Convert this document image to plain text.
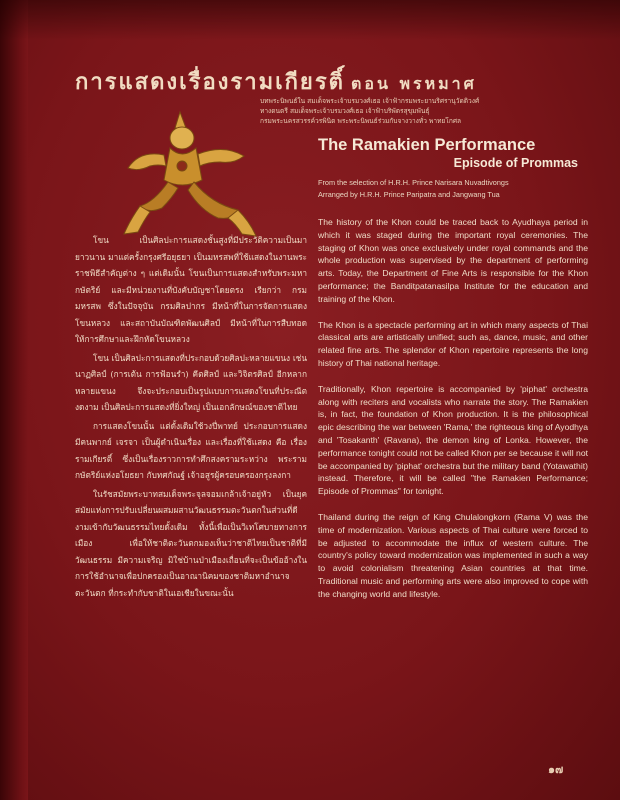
การแสดงเรื่องรามเกียรติ์ ตอน พรหมาศ
บทพระนิพนธ์ใน สมเด็จพระเจ้าบรมวงศ์เธอ เจ้าฟ้ากรมพระยานริศรานุวัดติวงศ์
ทางดนตรี สมเด็จพระเจ้าบรมวงศ์เธอ เจ้าฟ้าบริพัตรสุขุมพันธุ์
กรมพระนครสวรรค์วรพินิต พระพระนิพนธ์ร่วมกับจางวางทั่ว พาทยโกศล
The Ramakien Performance
Episode of Prommas
From the selection of H.R.H. Prince Narisara Nuvadtivongs
Arranged by H.R.H. Prince Paripatra and Jangwang Tua

The history of the Khon could be traced back to Ayudhaya period in which it was staged during the important royal ceremonies. The staging of Khon was once exclusively under royal commands and the whole production was supervised by the department of performing arts. Today, the Department of Fine Arts is responsible for the Khon performance; the Banditpatanasilpa Institute for the education and training of the Khon.

The Khon is a spectacle performing art in which many aspects of Thai classical arts are artistically unified; such as, dance, music, and other related fine arts. The splendor of Khon repertoire represents the long history of Thai national heritage.

Traditionally, Khon repertoire is accompanied by 'piphat' orchestra along with reciters and vocalists who narrate the story. The Ramakien is, in fact, the foundation of Khon production. It is the philosophical epic describing the war between 'Rama,' the righteous king of Ayodhya and 'Tosakanth' (Ravana), the demon king of Lonka. However, the performance tonight could not be called Khon per se because it will not be accompanied by 'piphat' orchestra but the military band (Yotawathit) instead. Therefore, it will be called "the Ramakien Performance; Episode of Prommas" for tonight.

Thailand during the reign of King Chulalongkorn (Rama V) was the time of modernization. Various aspects of Thai culture were forced to be adjusted to accommodate the influx of western culture. The country's policy toward modernization was implemented in such a way to avoid colonialism threatening Asian countries at that time. Traditional music and performing arts were also improved to cope with the changing world and lifestyle.

โขน เป็นศิลปะการแสดงชั้นสูงที่มีประวัติความเป็นมายาวนาน มาแต่ครั้งกรุงศรีอยุธยา เป็นมหรสพที่ใช้แสดงในงานพระราชพิธีสำคัญต่าง ๆ แต่เดิมนั้น โขนเป็นการแสดงสำหรับพระมหากษัตริย์ และมีหน่วยงานที่บังคับบัญชาโดยตรง เรียกว่า กรมมหรสพ ซึ่งในปัจจุบัน กรมศิลปากร มีหน้าที่ในการจัดการแสดงโขนหลวง และสถาบันบัณฑิตพัฒนศิลป์ มีหน้าที่ในการสืบทอดให้การศึกษาและฝึกหัดโขนหลวง

โขน เป็นศิลปะการแสดงที่ประกอบด้วยศิลปะหลายแขนง เช่น นาฏศิลป์ (การเต้น การฟ้อนรำ) คีตศิลป์ และวิจิตรศิลป์ อีกหลากหลายแขนง จึงจะประกอบเป็นรูปแบบการแสดงโขนที่ประณีตงดงาม เป็นศิลปะการแสดงที่ยิ่งใหญ่ เป็นเอกลักษณ์ของชาติไทย

การแสดงโขนนั้น แต่ดั้งเดิมใช้วงปี่พาทย์ ประกอบการแสดง มีคนพากย์ เจรจา เป็นผู้ดำเนินเรื่อง และเรื่องที่ใช้แสดง คือ เรื่องรามเกียรติ์ ซึ่งเป็นเรื่องราวการทำศึกสงครามระหว่าง พระราม กษัตริย์แห่งอโยธยา กับทศกัณฐ์ เจ้าอสูรผู้ครอบครองกรุงลงกา

ในรัชสมัยพระบาทสมเด็จพระจุลจอมเกล้าเจ้าอยู่หัว เป็นยุคสมัยแห่งการปรับเปลี่ยนผสมผสานวัฒนธรรมตะวันตกในส่วนที่ดีงามเข้ากับวัฒนธรรมไทยดั้งเดิม ทั้งนี้เพื่อเป็นวิเทโศบายทางการเมือง เพื่อให้ชาติตะวันตกมองเห็นว่าชาติไทยเป็นชาติที่มีวัฒนธรรม มีความเจริญ มิใช่บ้านป่าเมืองเถื่อนที่จะเป็นข้ออ้างในการใช้อำนาจเพื่อปกครองเป็นอาณานิคมของชาติมหาอำนาจตะวันตก ที่กระทำกับชาติในเอเชียในขณะนั้น

๑๗
